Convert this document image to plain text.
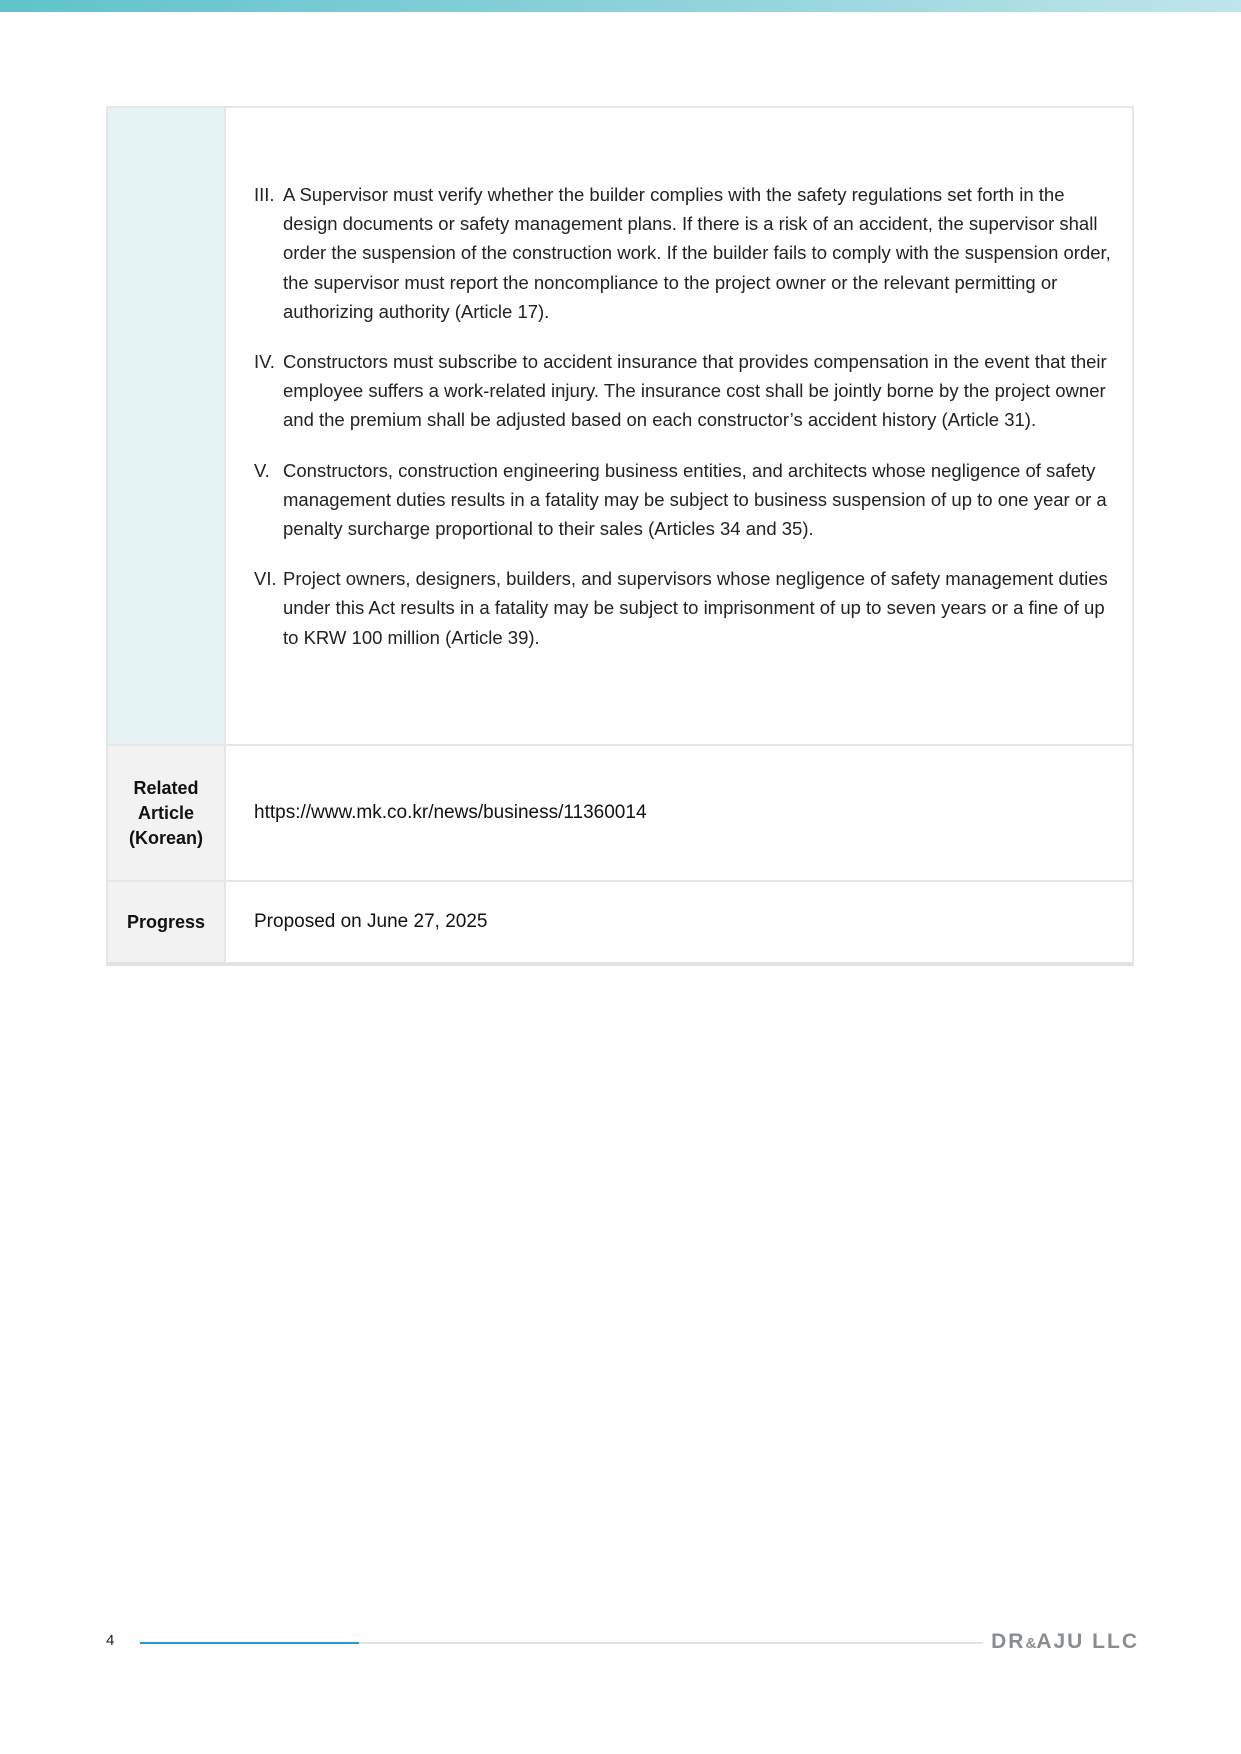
III. A Supervisor must verify whether the builder complies with the safety regulations set forth in the design documents or safety management plans. If there is a risk of an accident, the supervisor shall order the suspension of the construction work. If the builder fails to comply with the suspension order, the supervisor must report the noncompliance to the project owner or the relevant permitting or authorizing authority (Article 17).
IV. Constructors must subscribe to accident insurance that provides compensation in the event that their employee suffers a work-related injury. The insurance cost shall be jointly borne by the project owner and the premium shall be adjusted based on each constructor’s accident history (Article 31).
V. Constructors, construction engineering business entities, and architects whose negligence of safety management duties results in a fatality may be subject to business suspension of up to one year or a penalty surcharge proportional to their sales (Articles 34 and 35).
VI. Project owners, designers, builders, and supervisors whose negligence of safety management duties under this Act results in a fatality may be subject to imprisonment of up to seven years or a fine of up to KRW 100 million (Article 39).
Related
Article
(Korean)
https://www.mk.co.kr/news/business/11360014
Progress	Proposed on June 27, 2025
4	DR&AJU LLC
